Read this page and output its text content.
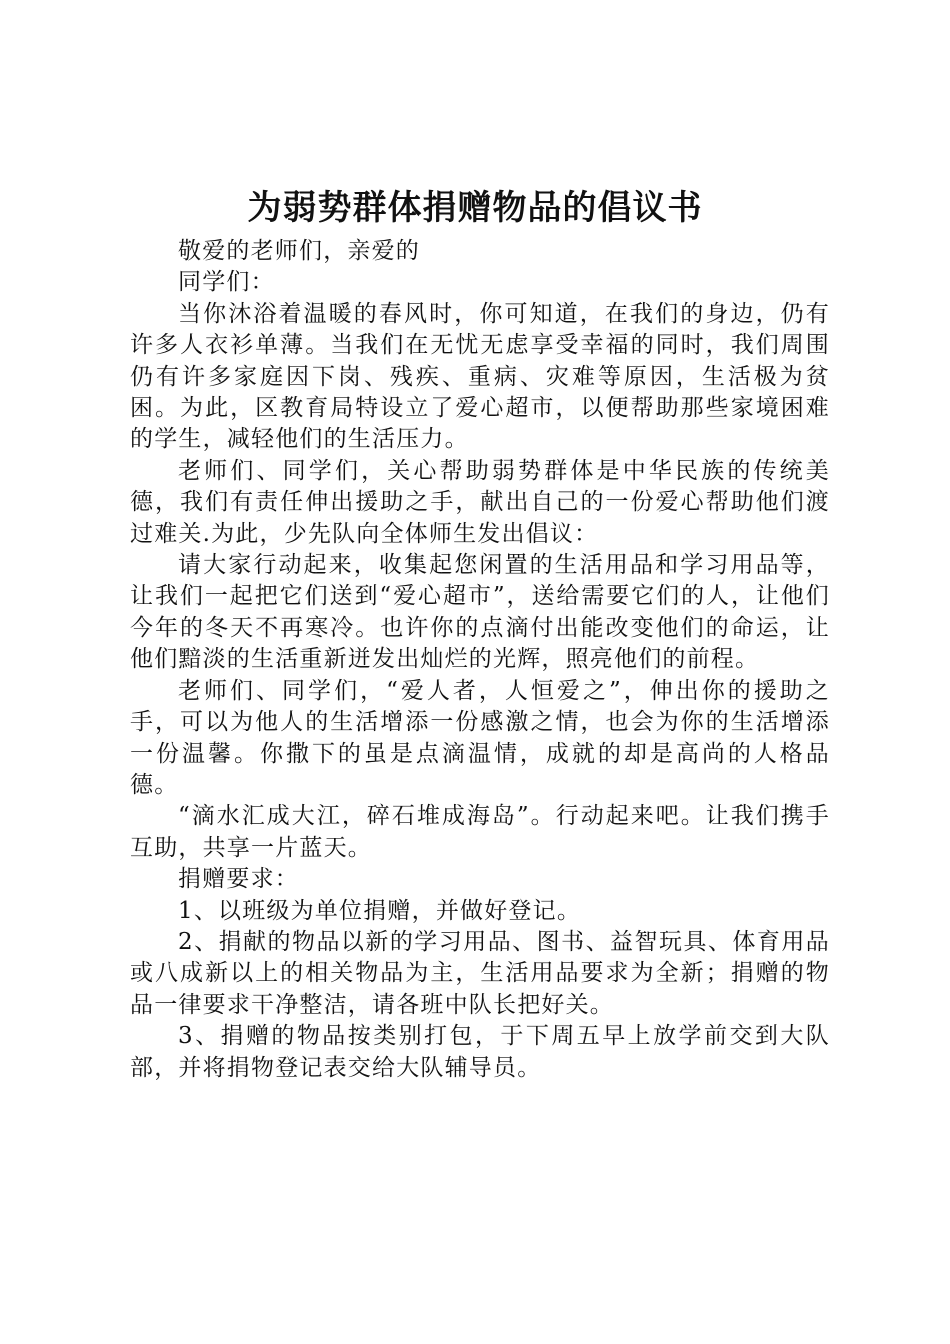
为弱势群体捐赠物品的倡议书

敬爱的老师们，亲爱的

同学们：

当你沐浴着温暖的春风时，你可知道，在我们的身边，仍有许多人衣衫单薄。当我们在无忧无虑享受幸福的同时，我们周围仍有许多家庭因下岗、残疾、重病、灾难等原因，生活极为贫困。为此，区教育局特设立了爱心超市，以便帮助那些家境困难的学生，减轻他们的生活压力。

老师们、同学们，关心帮助弱势群体是中华民族的传统美德，我们有责任伸出援助之手，献出自己的一份爱心帮助他们渡过难关.为此，少先队向全体师生发出倡议：

请大家行动起来，收集起您闲置的生活用品和学习用品等，让我们一起把它们送到“爱心超市”，送给需要它们的人，让他们今年的冬天不再寒冷。也许你的点滴付出能改变他们的命运，让他们黯淡的生活重新迸发出灿烂的光辉，照亮他们的前程。

老师们、同学们，“爱人者，人恒爱之”，伸出你的援助之手，可以为他人的生活增添一份感激之情，也会为你的生活增添一份温馨。你撒下的虽是点滴温情，成就的却是高尚的人格品德。

“滴水汇成大江，碎石堆成海岛”。行动起来吧。让我们携手互助，共享一片蓝天。

捐赠要求：

1、以班级为单位捐赠，并做好登记。

2、捐献的物品以新的学习用品、图书、益智玩具、体育用品或八成新以上的相关物品为主，生活用品要求为全新；捐赠的物品一律要求干净整洁，请各班中队长把好关。

3、捐赠的物品按类别打包，于下周五早上放学前交到大队部，并将捐物登记表交给大队辅导员。
